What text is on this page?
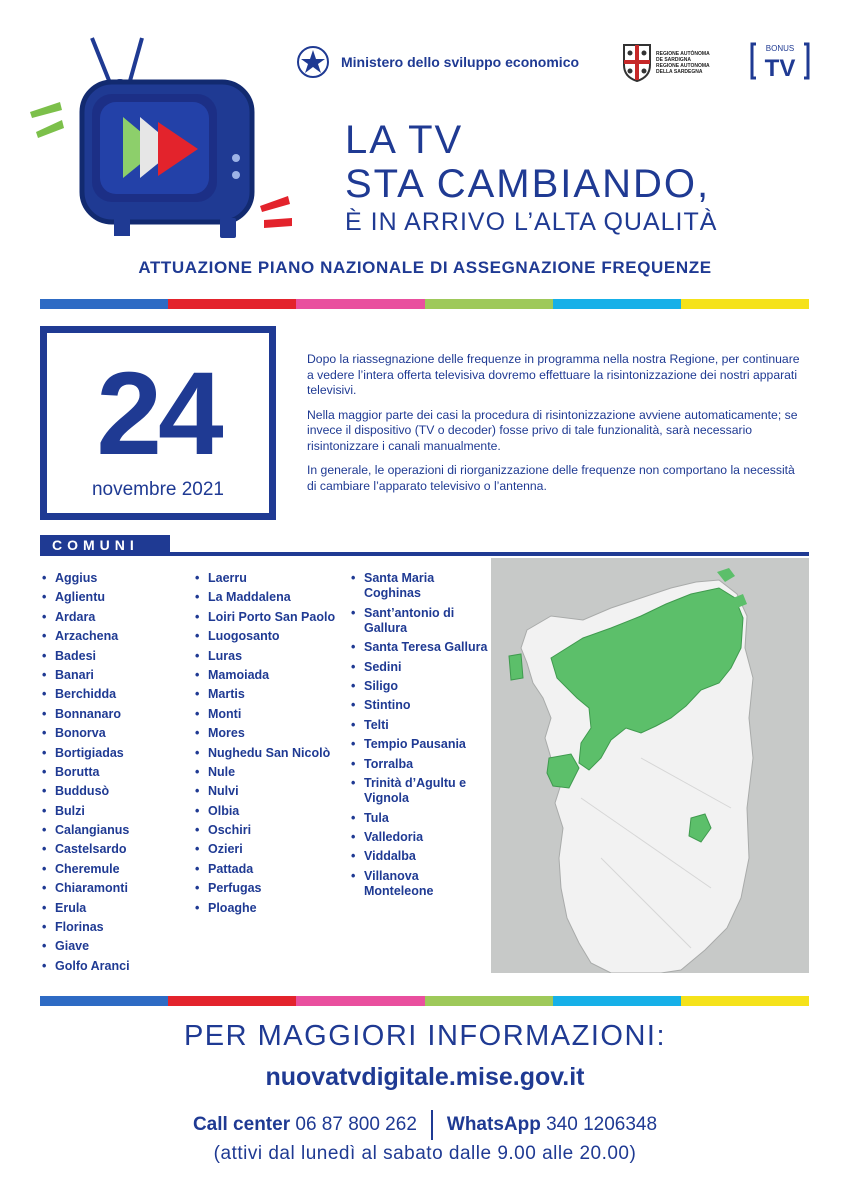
Ministero dello sviluppo economico	REGIONE AUTÒNOMA
DE SARDIGNA
REGIONE AUTONOMA
DELLA SARDEGNA
BONUS
TV
LA TV
STA CAMBIANDO,
È IN ARRIVO L’ALTA QUALITÀ
ATTUAZIONE PIANO NAZIONALE DI ASSEGNAZIONE FREQUENZE
24
novembre 2021

Dopo la riassegnazione delle frequenze in programma nella nostra Regione, per continuare a vedere l’intera offerta televisiva dovremo effettuare la risintonizzazione dei nostri apparati televisivi.

Nella maggior parte dei casi la procedura di risintonizzazione avviene automaticamente; se invece il dispositivo (TV o decoder) fosse privo di tale funzionalità, sarà necessario risintonizzare i canali manualmente.

In generale, le operazioni di riorganizzazione delle frequenze non comportano la necessità di cambiare l’apparato televisivo o l’antenna.

COMUNI
• Aggius
• Aglientu
• Ardara
• Arzachena
• Badesi
• Banari
• Berchidda
• Bonnanaro
• Bonorva
• Bortigiadas
• Borutta
• Buddusò
• Bulzi
• Calangianus
• Castelsardo
• Cheremule
• Chiaramonti
• Erula
• Florinas
• Giave
• Golfo Aranci
• Laerru
• La Maddalena
• Loiri Porto San Paolo
• Luogosanto
• Luras
• Mamoiada
• Martis
• Monti
• Mores
• Nughedu San Nicolò
• Nule
• Nulvi
• Olbia
• Oschiri
• Ozieri
• Pattada
• Perfugas
• Ploaghe
• Santa Maria Coghinas
• Sant’antonio di Gallura
• Santa Teresa Gallura
• Sedini
• Siligo
• Stintino
• Telti
• Tempio Pausania
• Torralba
• Trinità d’Agultu e Vignola
• Tula
• Valledoria
• Viddalba
• Villanova Monteleone
PER MAGGIORI INFORMAZIONI:
nuovatvdigitale.mise.gov.it
Call center 06 87 800 262 WhatsApp 340 1206348
(attivi dal lunedì al sabato dalle 9.00 alle 20.00)
